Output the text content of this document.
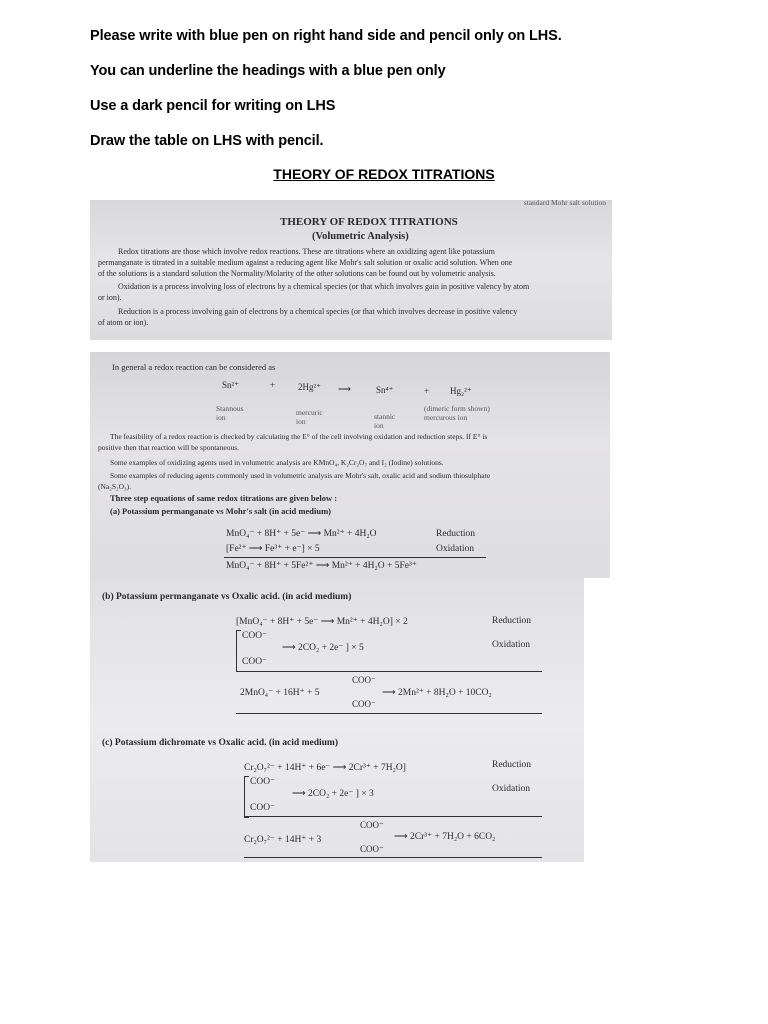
Please write with blue pen on right hand side and pencil only on LHS.

You can underline the headings with a blue pen only

Use a dark pencil for writing on LHS

Draw the table on LHS with pencil.

THEORY OF REDOX TITRATIONS

standard Mohr salt solution

THEORY OF REDOX TITRATIONS

(Volumetric Analysis)

Redox titrations are those which involve redox reactions. These are titrations where an oxidizing agent like potassium

permanganate is titrated in a suitable medium against a reducing agent like Mohr's salt solution or oxalic acid solution. When one

of the solutions is a standard solution the Normality/Molarity of the other solutions can be found out by volumetric analysis.

Oxidation is a process involving loss of electrons by a chemical species (or that which involves gain in positive valency by atom

or ion).

Reduction is a process involving gain of electrons by a chemical species (or that which involves decrease in positive valency

of atom or ion).

In general a redox reaction can be considered as

Sn²⁺	+	2Hg²⁺ ⟶	Sn⁴⁺	+ Hg₂²⁺

Stannous ion

mercuric ion

stannic ion

(dimeric form shown) mercurous ion

The feasibility of a redox reaction is checked by calculating the E° of the cell involving oxidation and reduction steps. If E° is

positive then that reaction will be spontaneous.

Some examples of oxidizing agents used in volumetric analysis are KMnO₄, K₂Cr₂O₇ and I₂ (Iodine) solutions.

Some examples of reducing agents commonly used in volumetric analysis are Mohr's salt, oxalic acid and sodium thiosulphate

(Na₂S₂O₃).

Three step equations of same redox titrations are given below :

(a) Potassium permanganate vs Mohr's salt (in acid medium)

MnO₄⁻ + 8H⁺ + 5e⁻ ⟶ Mn²⁺ + 4H₂O	Reduction

[Fe²⁺ ⟶ Fe³⁺ + e⁻] × 5	Oxidation

MnO₄⁻ + 8H⁺ + 5Fe²⁺ ⟶ Mn²⁺ + 4H₂O + 5Fe³⁺

(b) Potassium permanganate vs Oxalic acid. (in acid medium)

[MnO₄⁻ + 8H⁺ + 5e⁻ ⟶ Mn²⁺ + 4H₂O] × 2	Reduction

COO⁻

⟶ 2CO₂ + 2e⁻ ] × 5	Oxidation

COO⁻

COO⁻

2MnO₄⁻ + 16H⁺ + 5	⟶ 2Mn²⁺ + 8H₂O + 10CO₂

COO⁻

(c) Potassium dichromate vs Oxalic acid. (in acid medium)

Cr₂O₇²⁻ + 14H⁺ + 6e⁻ ⟶ 2Cr³⁺ + 7H₂O]	Reduction

COO⁻

⟶ 2CO₂ + 2e⁻ ] × 3	Oxidation

COO⁻

COO⁻

Cr₂O₇²⁻ + 14H⁺ + 3	⟶ 2Cr³⁺ + 7H₂O + 6CO₂

COO⁻
